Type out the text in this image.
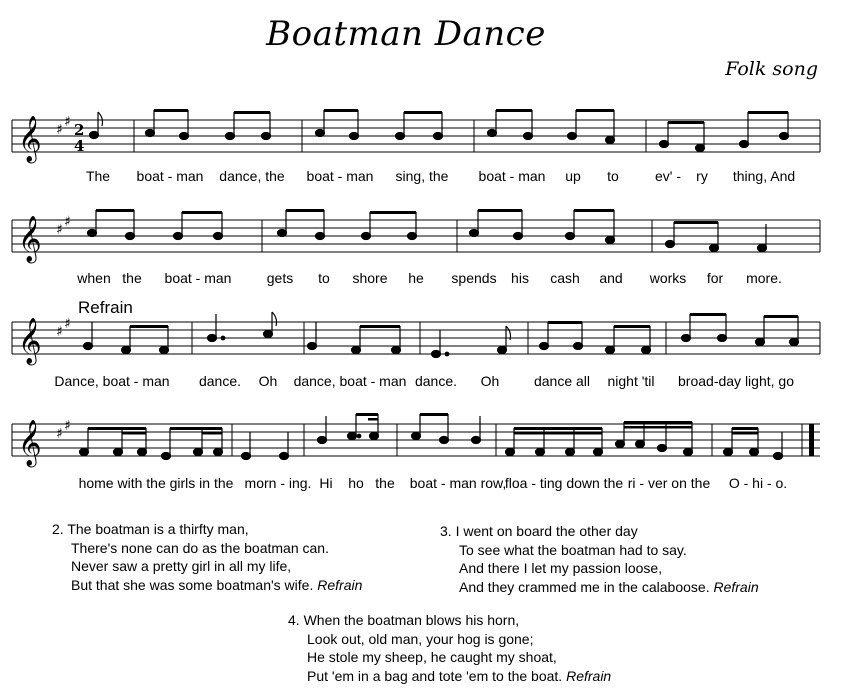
Boatman Dance
Folk song
Refrain
𝄞 ♯ ♯ 2
4
The boat - man dance, the boat - man sing, the boat - man up to	ev' - ry thing, And
𝄞 ♯ ♯
when the boat - man	gets to shore he spends his cash and works for more.
𝄞 ♯ ♯
Dance, boat - man dance. Oh dance, boat - man dance. Oh dance all night 'til broad-day light, go
𝄞 ♯ ♯
home with the girls in the morn - ing. Hi ho the boat - man row,
floa - ting down the ri - ver on the O - hi - o.
2. The boatman is a thirfty man,
There's none can do as the boatman can.
Never saw a pretty girl in all my life,
But that she was some boatman's wife. Refrain
3. I went on board the other day
To see what the boatman had to say.
And there I let my passion loose,
And they crammed me in the calaboose. Refrain
4. When the boatman blows his horn,
Look out, old man, your hog is gone;
He stole my sheep, he caught my shoat,
Put 'em in a bag and tote 'em to the boat. Refrain
